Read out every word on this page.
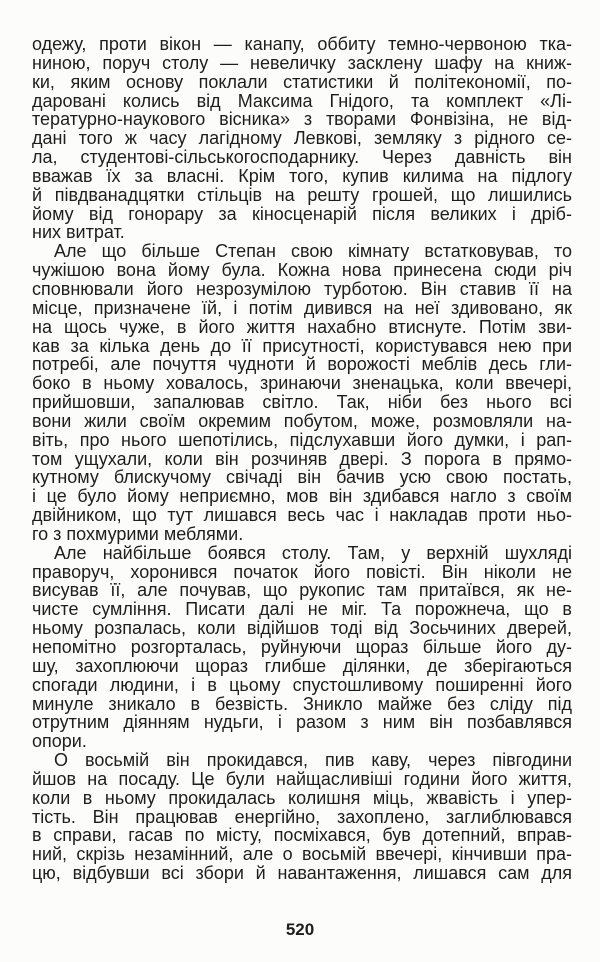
одежу, проти вікон — канапу, оббиту темно-червоною тка-
ниною, поруч столу — невеличку засклену шафу на книж-
ки, яким основу поклали статистики й політекономії, по-
даровані колись від Максима Гнідого, та комплект «Лі-
тературно-наукового вісника» з творами Фонвізіна, не від-
дані того ж часу лагідному Левкові, земляку з рідного се-
ла, студентові-сільськогосподарнику. Через давність він
вважав їх за власні. Крім того, купив килима на підлогу
й півдванадцятки стільців на решту грошей, що лишились
йому від гонорару за кіносценарій після великих і дріб-
них витрат.
Але що більше Степан свою кімнату встатковував, то
чужішою вона йому була. Кожна нова принесена сюди річ
сповнювали його незрозумілою турботою. Він ставив її на
місце, призначене їй, і потім дивився на неї здивовано, як
на щось чуже, в його життя нахабно втиснуте. Потім зви-
кав за кілька день до її присутності, користувався нею при
потребі, але почуття чудноти й ворожості меблів десь гли-
боко в ньому ховалось, зринаючи зненацька, коли ввечері,
прийшовши, запалював світло. Так, ніби без нього всі
вони жили своїм окремим побутом, може, розмовляли на-
віть, про нього шепотілись, підслухавши його думки, і рап-
том ущухали, коли він розчиняв двері. З порога в прямо-
кутному блискучому свічаді він бачив усю свою постать,
і це було йому неприємно, мов він здибався нагло з своїм
двійником, що тут лишався весь час і накладав проти ньо-
го з похмурими меблями.
Але найбільше боявся столу. Там, у верхній шухляді
праворуч, хоронився початок його повісті. Він ніколи не
висував її, але почував, що рукопис там притаївся, як не-
чисте сумління. Писати далі не міг. Та порожнеча, що в
ньому розпалась, коли відійшов тоді від Зосьчиних дверей,
непомітно розгорталась, руйнуючи щораз більше його ду-
шу, захоплюючи щораз глибше ділянки, де зберігаються
спогади людини, і в цьому спустошливому поширенні його
минуле зникало в безвість. Зникло майже без сліду під
отрутним діянням нудьги, і разом з ним він позбавлявся
опори.
О восьмій він прокидався, пив каву, через півгодини
йшов на посаду. Це були найщасливіші години його життя,
коли в ньому прокидалась колишня міць, жвавість і упер-
тість. Він працював енергійно, захоплено, заглиблювався
в справи, гасав по місту, посміхався, був дотепний, вправ-
ний, скрізь незамінний, але о восьмій ввечері, кінчивши пра-
цю, відбувши всі збори й навантаження, лишався сам для
520
